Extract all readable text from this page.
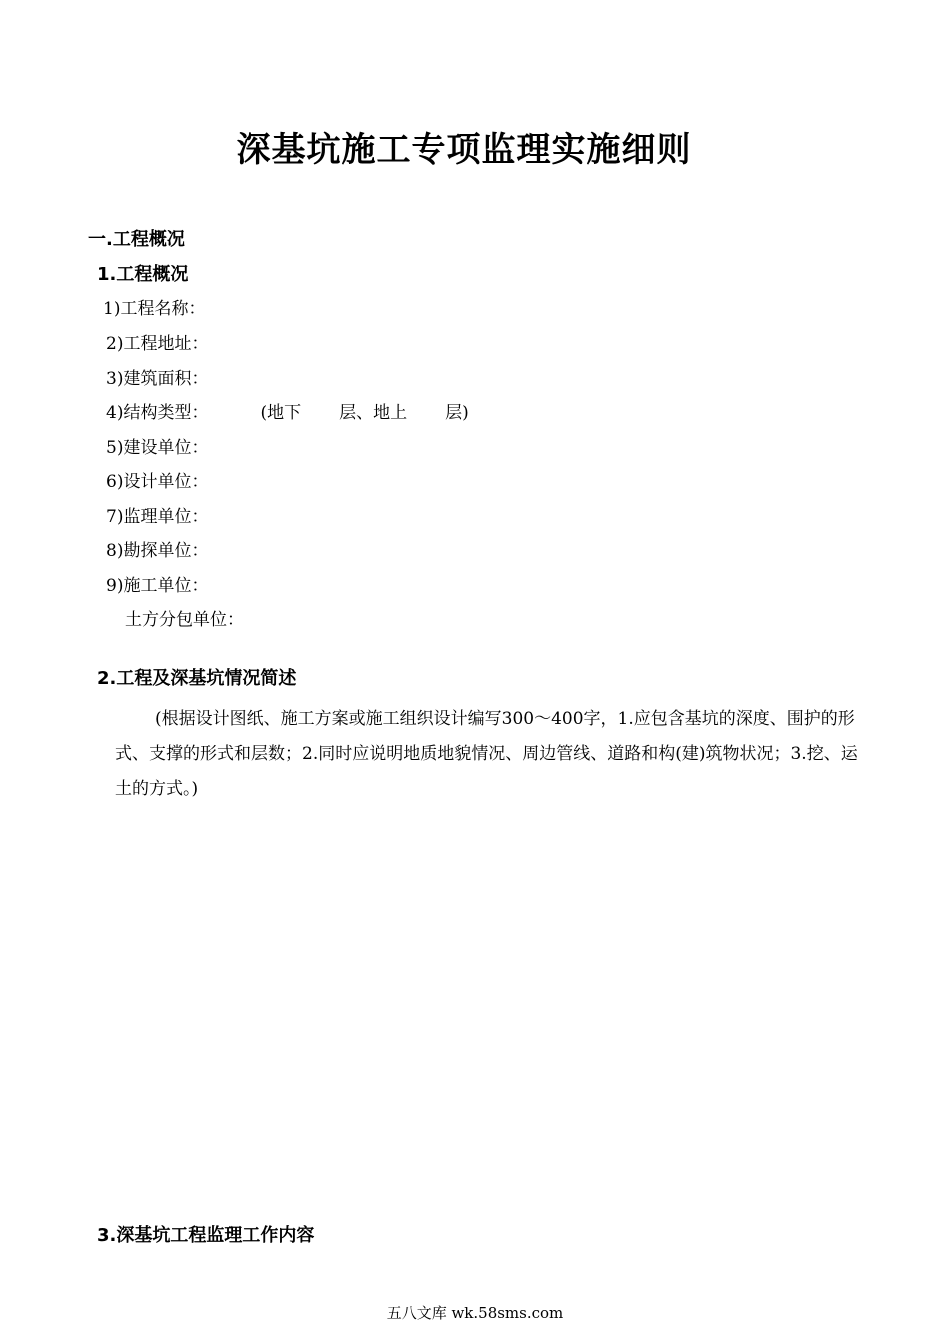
深基坑施工专项监理实施细则
一.工程概况
1.工程概况
1)工程名称：
2)工程地址：
3)建筑面积：
4)结构类型：	(地下 层、地上 层)
5)建设单位：
6)设计单位：
7)监理单位：
8)勘探单位：
9)施工单位：
土方分包单位：
2.工程及深基坑情况简述
(根据设计图纸、施工方案或施工组织设计编写300～400字，1.应包含基坑的深度、围护的形式、支撑的形式和层数；2.同时应说明地质地貌情况、周边管线、道路和构(建)筑物状况；3.挖、运土的方式。)
3.深基坑工程监理工作内容
五八文库 wk.58sms.com
